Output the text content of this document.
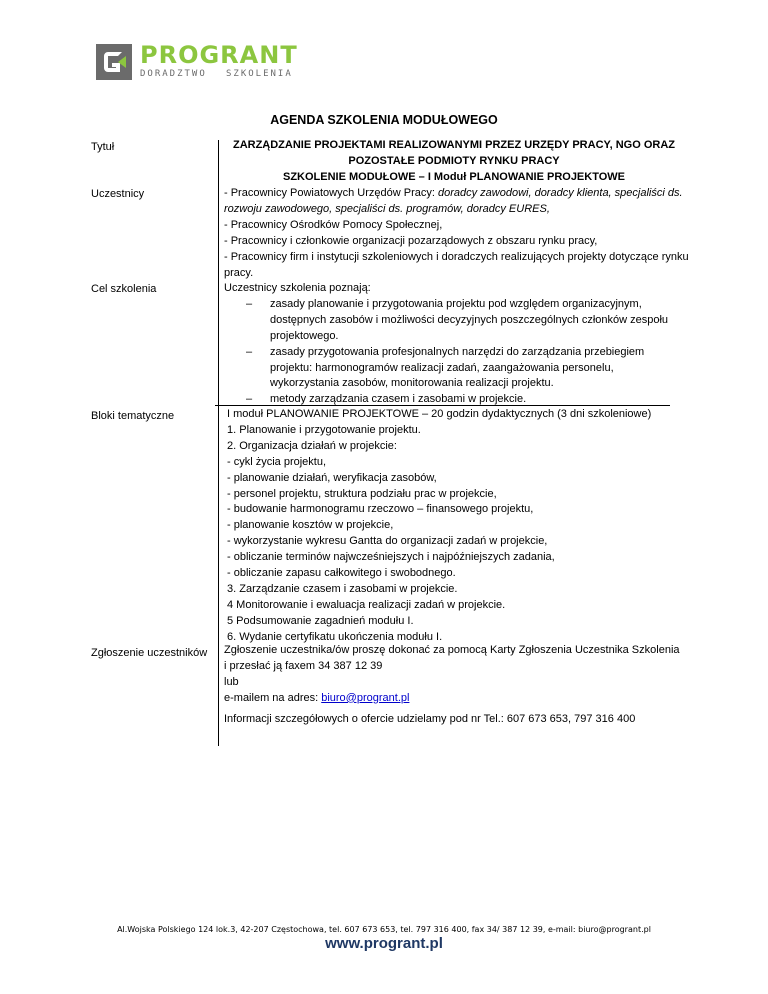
PROGRANT
DORADZTWO SZKOLENIA
AGENDA SZKOLENIA MODUŁOWEGO
Tytuł
Uczestnicy
Cel szkolenia
Bloki tematyczne
Zgłoszenie uczestników
ZARZĄDZANIE PROJEKTAMI REALIZOWANYMI PRZEZ URZĘDY PRACY, NGO ORAZ
POZOSTAŁE PODMIOTY RYNKU PRACY
SZKOLENIE MODUŁOWE – I Moduł PLANOWANIE PROJEKTOWE
- Pracownicy Powiatowych Urzędów Pracy: doradcy zawodowi, doradcy klienta, specjaliści ds.
rozwoju zawodowego, specjaliści ds. programów, doradcy EURES,
- Pracownicy Ośrodków Pomocy Społecznej,
- Pracownicy i członkowie organizacji pozarządowych z obszaru rynku pracy,
- Pracownicy firm i instytucji szkoleniowych i doradczych realizujących projekty dotyczące rynku
pracy.
Uczestnicy szkolenia poznają:
– zasady planowanie i przygotowania projektu pod względem organizacyjnym, dostępnych zasobów i możliwości decyzyjnych poszczególnych członków zespołu projektowego.
– zasady przygotowania profesjonalnych narzędzi do zarządzania przebiegiem projektu: harmonogramów realizacji zadań, zaangażowania personelu, wykorzystania zasobów, monitorowania realizacji projektu.
– metody zarządzania czasem i zasobami w projekcie.
I moduł PLANOWANIE PROJEKTOWE – 20 godzin dydaktycznych (3 dni szkoleniowe)
1. Planowanie i przygotowanie projektu.
2. Organizacja działań w projekcie:
- cykl życia projektu,
- planowanie działań, weryfikacja zasobów,
- personel projektu, struktura podziału prac w projekcie,
- budowanie harmonogramu rzeczowo – finansowego projektu,
- planowanie kosztów w projekcie,
- wykorzystanie wykresu Gantta do organizacji zadań w projekcie,
- obliczanie terminów najwcześniejszych i najpóźniejszych zadania,
- obliczanie zapasu całkowitego i swobodnego.
3. Zarządzanie czasem i zasobami w projekcie.
4 Monitorowanie i ewaluacja realizacji zadań w projekcie.
5 Podsumowanie zagadnień modułu I.
6. Wydanie certyfikatu ukończenia modułu I.
Zgłoszenie uczestnika/ów proszę dokonać za pomocą Karty Zgłoszenia Uczestnika Szkolenia
i przesłać ją faxem 34 387 12 39
lub
e-mailem na adres: biuro@progrant.pl
Informacji szczegółowych o ofercie udzielamy pod nr Tel.: 607 673 653, 797 316 400
Al.Wojska Polskiego 124 lok.3, 42-207 Częstochowa, tel. 607 673 653, tel. 797 316 400, fax 34/ 387 12 39, e-mail: biuro@progrant.pl
www.progrant.pl
